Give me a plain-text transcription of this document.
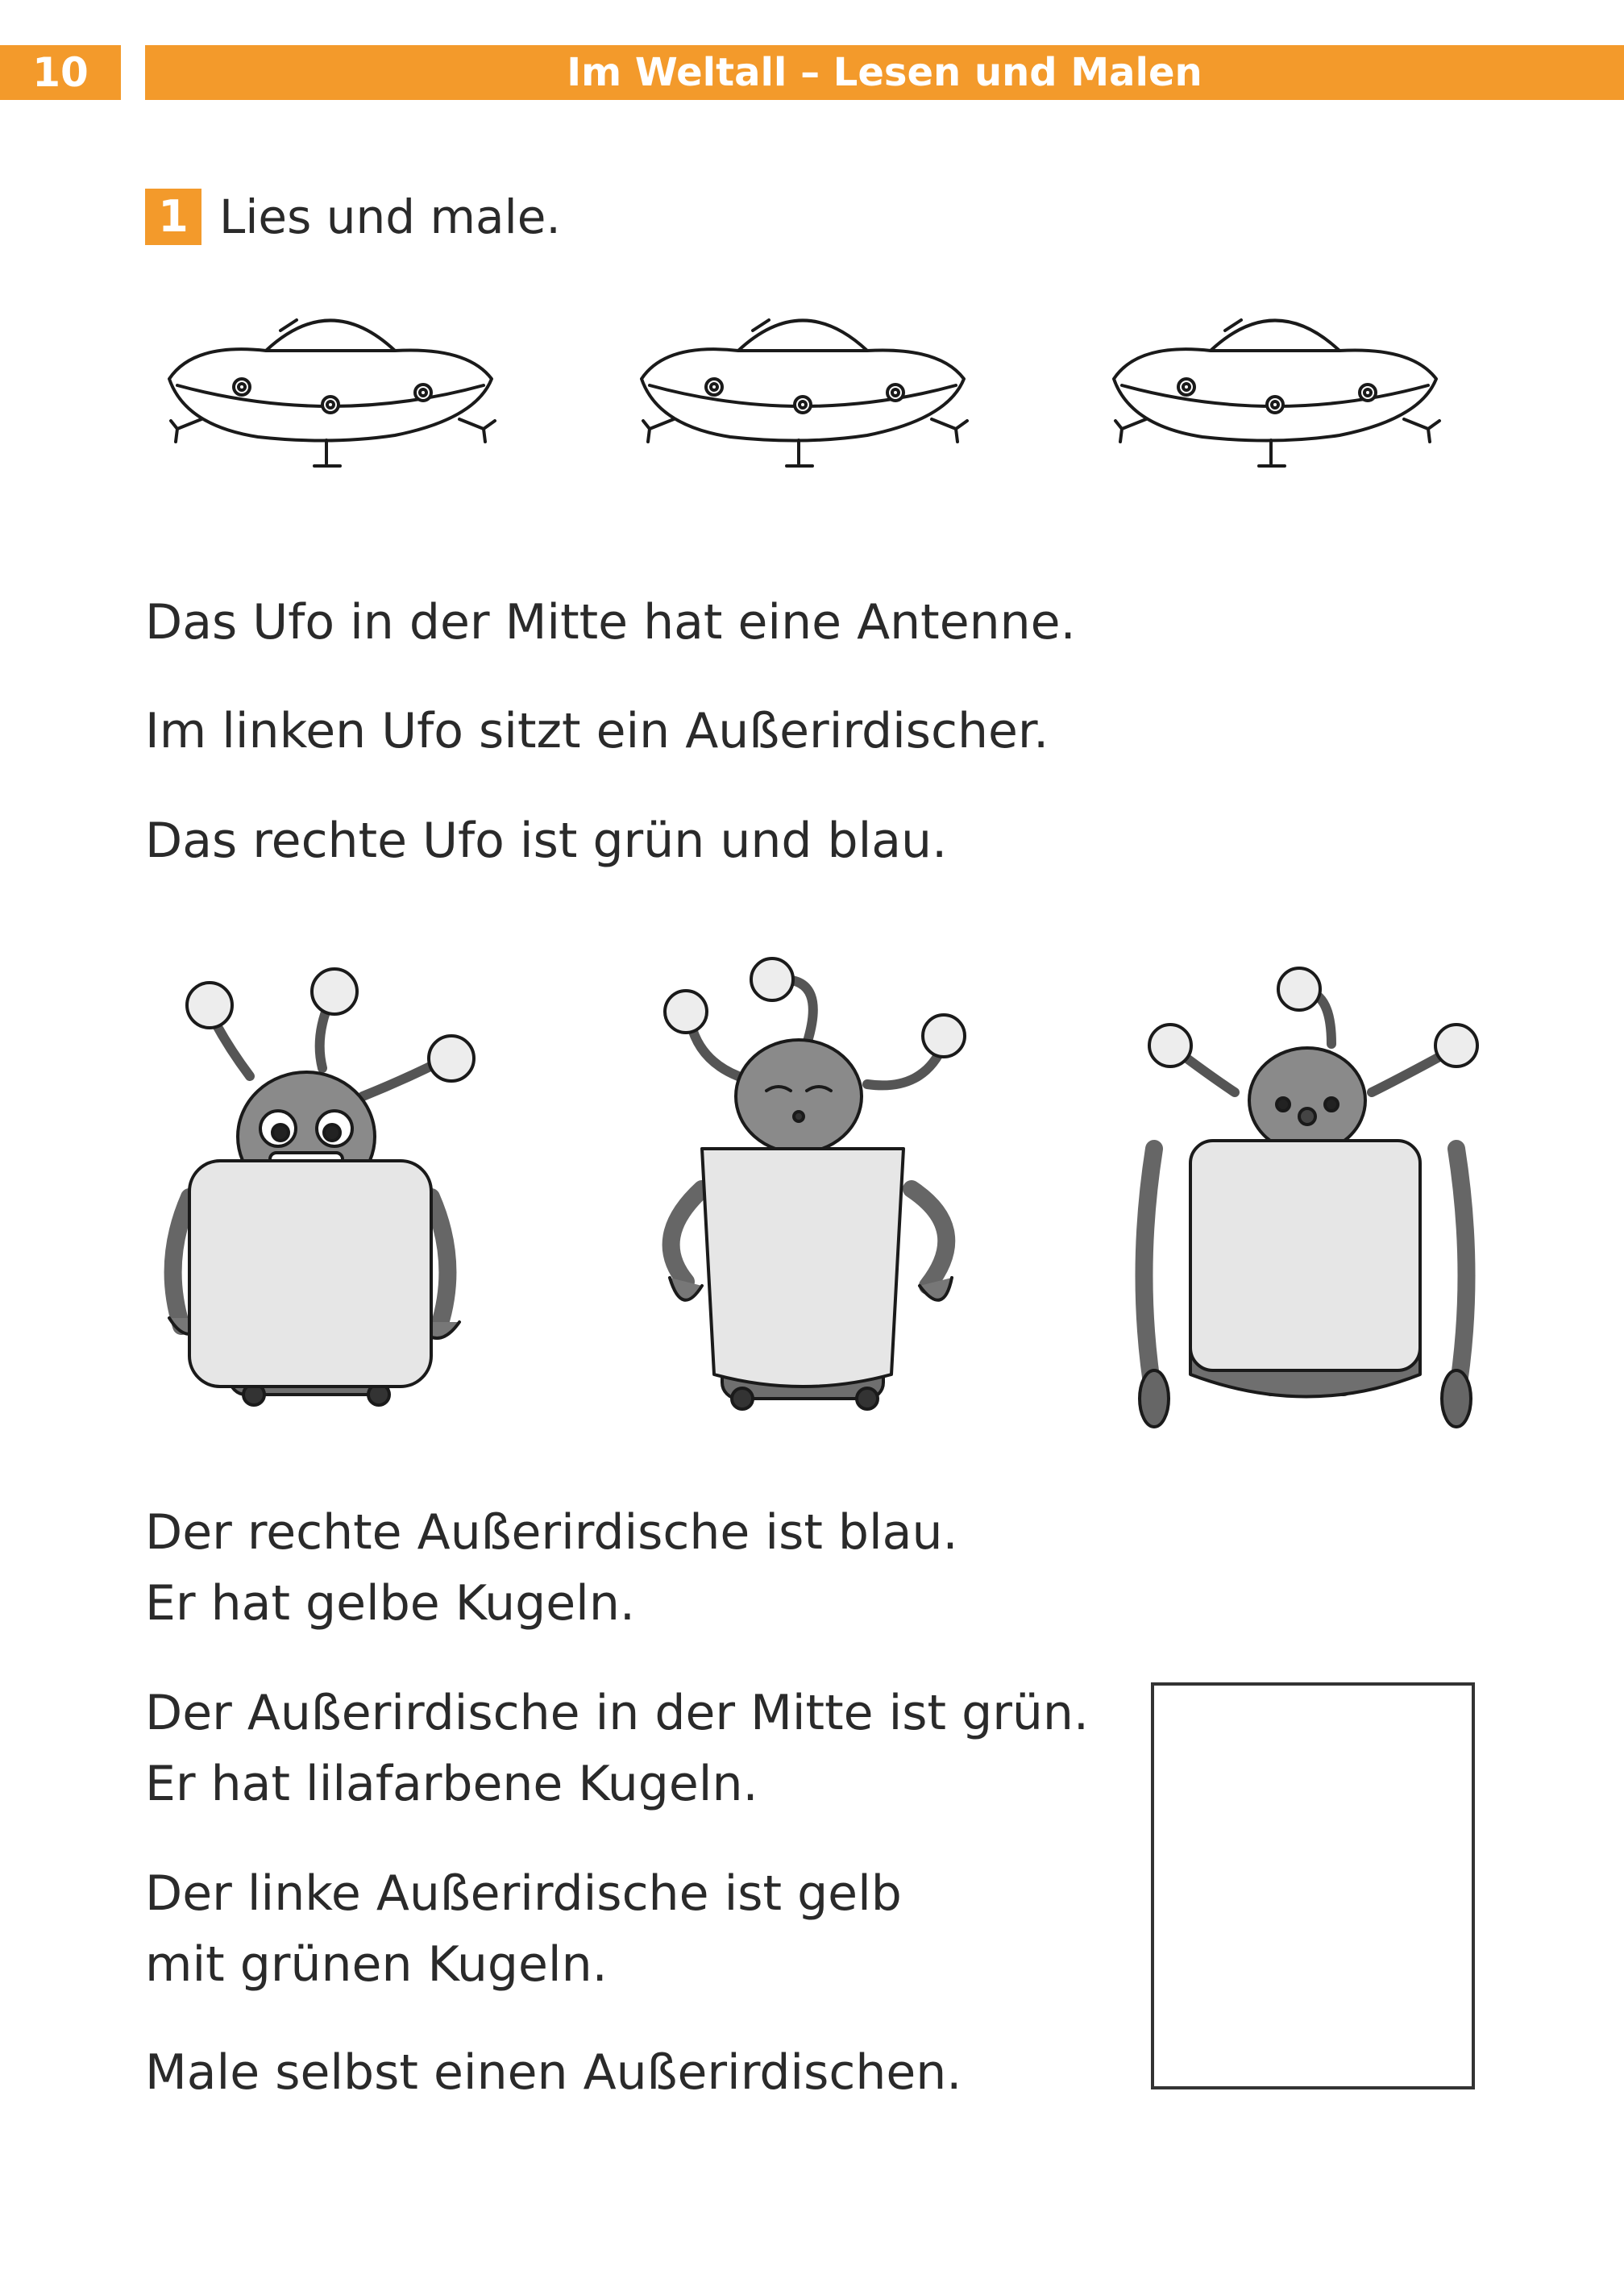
10	Im Weltall – Lesen und Malen
1 Lies und male.
Das Ufo in der Mitte hat eine Antenne.
Im linken Ufo sitzt ein Außerirdischer.
Das rechte Ufo ist grün und blau.
Der rechte Außerirdische ist blau.
Er hat gelbe Kugeln.
Der Außerirdische in der Mitte ist grün.
Er hat lilafarbene Kugeln.
Der linke Außerirdische ist gelb
mit grünen Kugeln.
Male selbst einen Außerirdischen.
